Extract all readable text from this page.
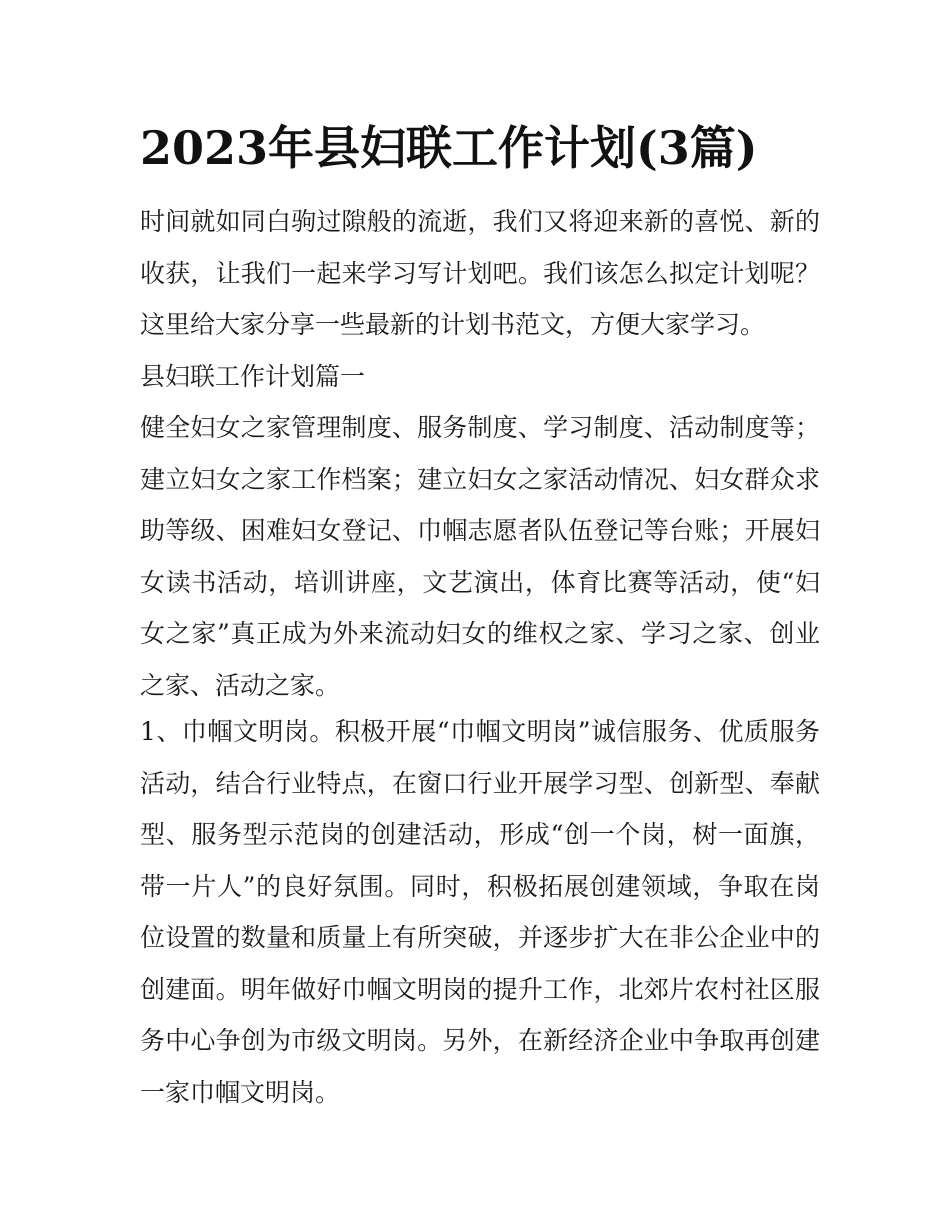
2023年县妇联工作计划(3篇)

时间就如同白驹过隙般的流逝，我们又将迎来新的喜悦、新的收获，让我们一起来学习写计划吧。我们该怎么拟定计划呢？这里给大家分享一些最新的计划书范文，方便大家学习。

县妇联工作计划篇一

健全妇女之家管理制度、服务制度、学习制度、活动制度等；建立妇女之家工作档案；建立妇女之家活动情况、妇女群众求助等级、困难妇女登记、巾帼志愿者队伍登记等台账；开展妇女读书活动，培训讲座，文艺演出，体育比赛等活动，使“妇女之家”真正成为外来流动妇女的维权之家、学习之家、创业之家、活动之家。

1、巾帼文明岗。积极开展“巾帼文明岗”诚信服务、优质服务活动，结合行业特点，在窗口行业开展学习型、创新型、奉献型、服务型示范岗的创建活动，形成“创一个岗，树一面旗，带一片人”的良好氛围。同时，积极拓展创建领域，争取在岗位设置的数量和质量上有所突破，并逐步扩大在非公企业中的创建面。明年做好巾帼文明岗的提升工作，北郊片农村社区服务中心争创为市级文明岗。另外，在新经济企业中争取再创建一家巾帼文明岗。
